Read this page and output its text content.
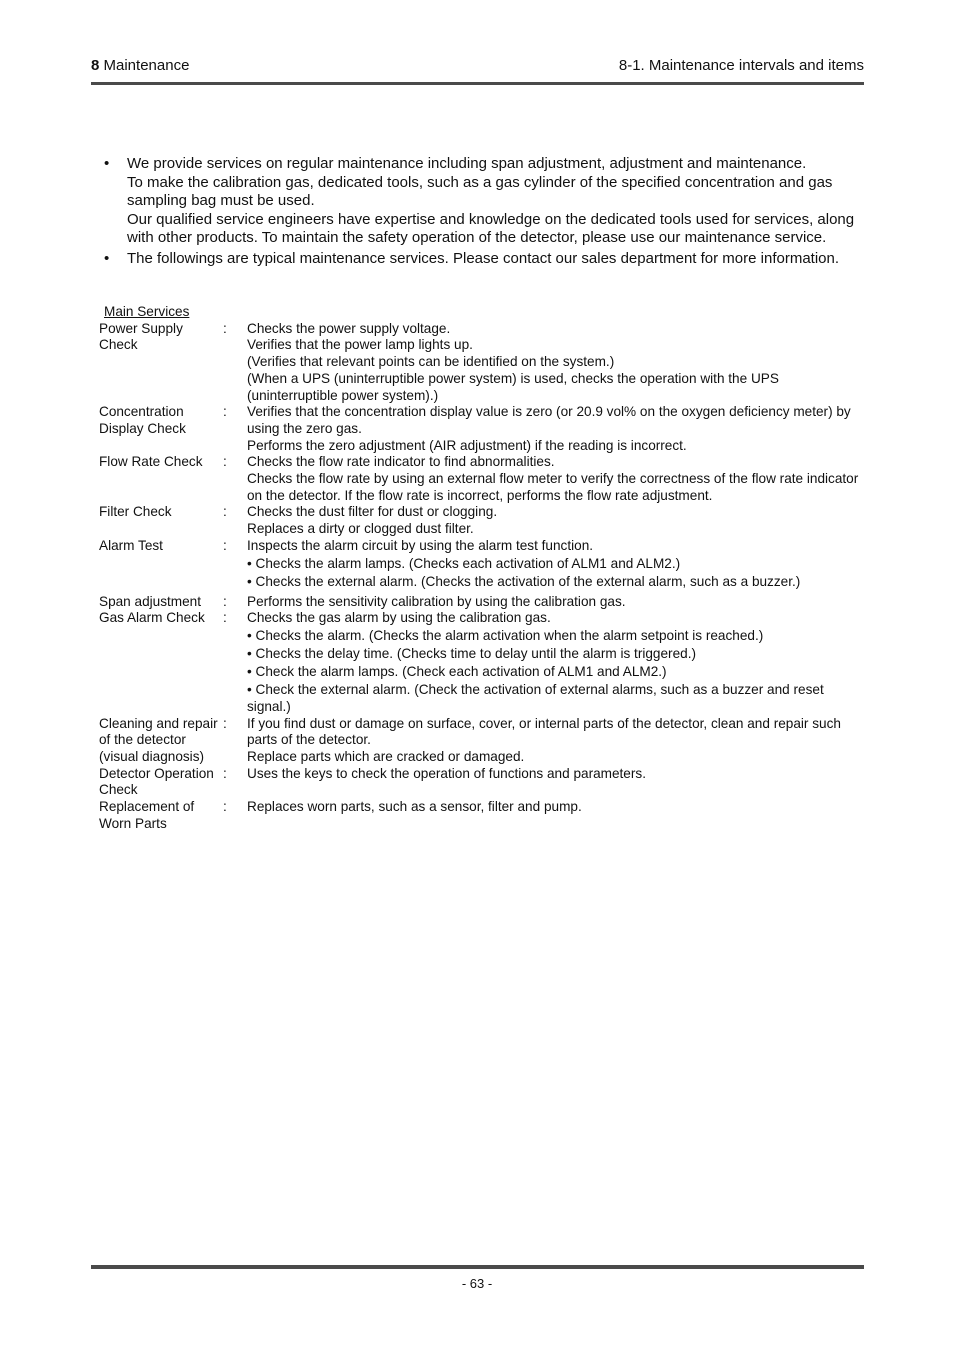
8 Maintenance	8-1. Maintenance intervals and items
• We provide services on regular maintenance including span adjustment, adjustment and maintenance.

To make the calibration gas, dedicated tools, such as a gas cylinder of the specified concentration and gas sampling bag must be used.

Our qualified service engineers have expertise and knowledge on the dedicated tools used for services, along with other products. To maintain the safety operation of the detector, please use our maintenance service.

• The followings are typical maintenance services. Please contact our sales department for more information.

Main Services
Power Supply Check
:	Checks the power supply voltage.

Verifies that the power lamp lights up.

(Verifies that relevant points can be identified on the system.)

(When a UPS (uninterruptible power system) is used, checks the operation with the UPS (uninterruptible power system).)

Concentration Display Check
:	Verifies that the concentration display value is zero (or 20.9 vol% on the oxygen deficiency meter) by using the zero gas.

Performs the zero adjustment (AIR adjustment) if the reading is incorrect.

Flow Rate Check	:	Checks the flow rate indicator to find abnormalities.

Checks the flow rate by using an external flow meter to verify the correctness of the flow rate indicator on the detector. If the flow rate is incorrect, performs the flow rate adjustment.

Filter Check	:	Checks the dust filter for dust or clogging.

Replaces a dirty or clogged dust filter.

Alarm Test	:	Inspects the alarm circuit by using the alarm test function.

• Checks the alarm lamps. (Checks each activation of ALM1 and ALM2.)

• Checks the external alarm. (Checks the activation of the external alarm, such as a buzzer.)

Span adjustment	:	Performs the sensitivity calibration by using the calibration gas.

Gas Alarm Check	:	Checks the gas alarm by using the calibration gas.

• Checks the alarm. (Checks the alarm activation when the alarm setpoint is reached.)

• Checks the delay time. (Checks time to delay until the alarm is triggered.)

• Check the alarm lamps. (Check each activation of ALM1 and ALM2.)

• Check the external alarm. (Check the activation of external alarms, such as a buzzer and reset signal.)

Cleaning and repair of the detector (visual diagnosis)
:	If you find dust or damage on surface, cover, or internal parts of the detector, clean and repair such parts of the detector.

Replace parts which are cracked or damaged.

Detector Operation Check
:	Uses the keys to check the operation of functions and parameters.

Replacement of Worn Parts
:	Replaces worn parts, such as a sensor, filter and pump.

- 63 -
